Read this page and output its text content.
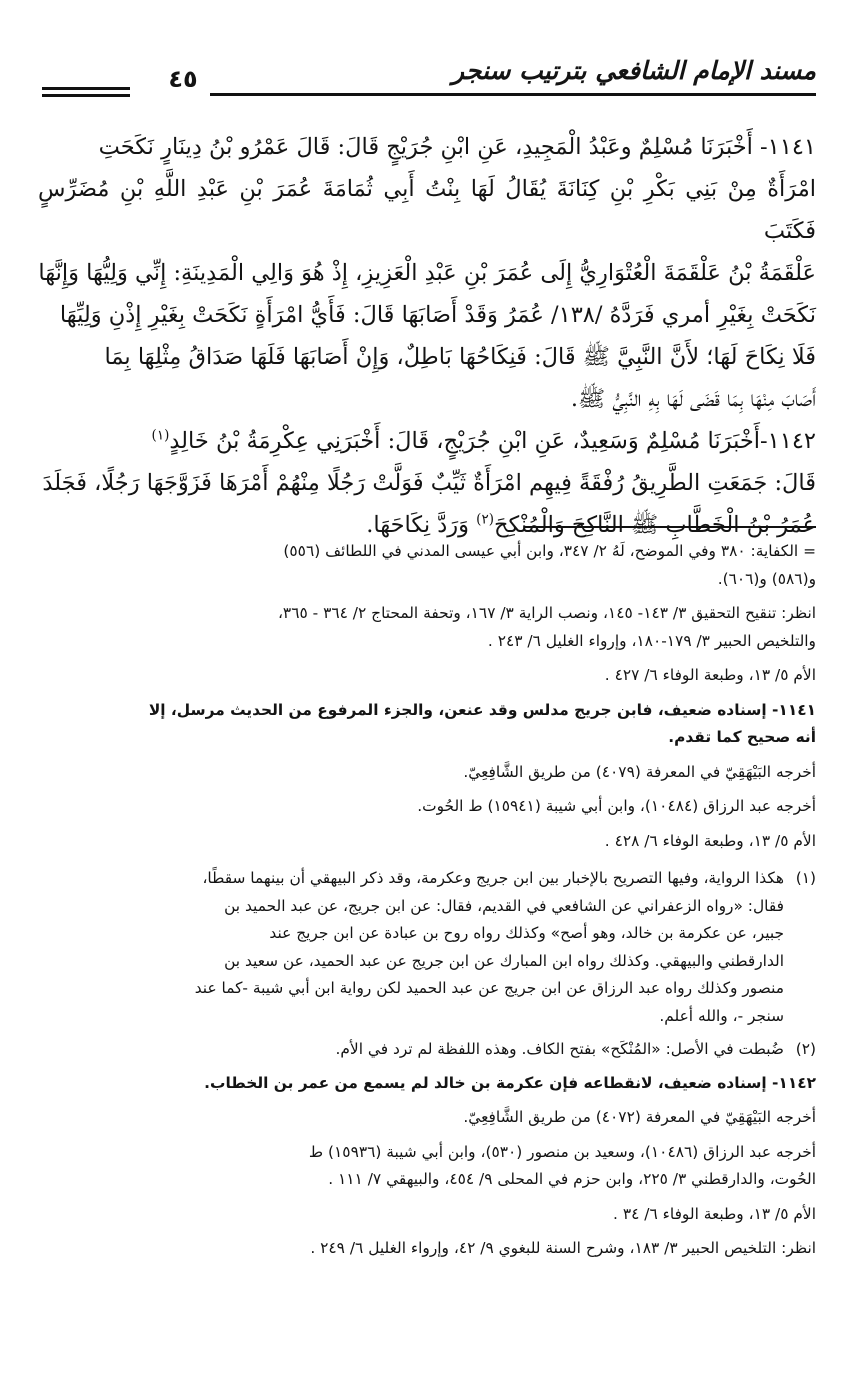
مسند الإمام الشافعي بترتيب سنجر
٤٥

١١٤١- أَخْبَرَنَا مُسْلِمٌ وعَبْدُ الْمَجِيدِ، عَنِ ابْنِ جُرَيْجٍ قَالَ: قَالَ عَمْرُو بْنُ دِينَارٍ نَكَحَتِ

امْرَأَةٌ مِنْ بَنِي بَكْرِ بْنِ كِنَانَةَ يُقَالُ لَهَا بِنْتُ أَبِي ثُمَامَةَ عُمَرَ بْنِ عَبْدِ اللَّهِ بْنِ مُضَرِّسٍ فَكَتَبَ

عَلْقَمَةُ بْنُ عَلْقَمَةَ الْعُتْوَارِيُّ إِلَى عُمَرَ بْنِ عَبْدِ الْعَزِيزِ، إِذْ هُوَ وَالِي الْمَدِينَةِ: إِنِّي وَلِيُّهَا وَإِنَّهَا

نَكَحَتْ بِغَيْرِ أمري فَرَدَّهُ /١٣٨/ عُمَرُ وَقَدْ أَصَابَهَا قَالَ: فَأَيُّ امْرَأَةٍ نَكَحَتْ بِغَيْرِ إِذْنِ وَلِيِّهَا

فَلَا نِكَاحَ لَهَا؛ لأَنَّ النَّبِيَّ ﷺ قَالَ: فَنِكَاحُهَا بَاطِلٌ، وَإِنْ أَصَابَهَا فَلَهَا صَدَاقُ مِثْلِهَا بِمَا

أَصَابَ مِنْهَا بِمَا قَضَى لَهَا بِهِ النَّبِيُّ ﷺ.

١١٤٢-أَخْبَرَنَا مُسْلِمٌ وَسَعِيدٌ، عَنِ ابْنِ جُرَيْجٍ، قَالَ: أَخْبَرَنِي عِكْرِمَةُ بْنُ خَالِدٍ$^{(١)}$

قَالَ: جَمَعَتِ الطَّرِيقُ رُفْقَةً فِيهِم امْرَأَةٌ ثَيِّبٌ فَوَلَّتْ رَجُلًا مِنْهُمْ أَمْرَهَا فَزَوَّجَهَا رَجُلًا، فَجَلَدَ

عُمَرُ بْنُ الْخَطَّابِ ﷺ النَّاكِحَ وَالْمُنْكِحَ$^{(٢)}$ وَرَدَّ نِكَاحَهَا.

= الكفاية: ٣٨٠ وفي الموضح، لَهُ ٢/ ٣٤٧، وابن أبي عيسى المدني في اللطائف (٥٥٦)

و(٥٨٦) و(٦٠٦).

انظر: تنقيح التحقيق ٣/ ١٤٣- ١٤٥، ونصب الراية ٣/ ١٦٧، وتحفة المحتاج ٢/ ٣٦٤ - ٣٦٥،

والتلخيص الحبير ٣/ ١٧٩-١٨٠، وإرواء الغليل ٦/ ٢٤٣ .

الأم ٥/ ١٣، وطبعة الوفاء ٦/ ٤٢٧ .

١١٤١- إسناده ضعيف، فابن جريج مدلس وقد عنعن، والجزء المرفوع من الحديث مرسل، إلا

أنه صحيح كما تقدم.

أخرجه البَيْهَقِيّ في المعرفة (٤٠٧٩) من طريق الشَّافِعِيّ.

أخرجه عبد الرزاق (١٠٤٨٤)، وابن أبي شيبة (١٥٩٤١) ط الحُوت.

الأم ٥/ ١٣، وطبعة الوفاء ٦/ ٤٢٨ .

(١)هكذا الرواية، وفيها التصريح بالإخبار بين ابن جريج وعكرمة، وقد ذكر البيهقي أن بينهما سقطًا،

فقال: «رواه الزعفراني عن الشافعي في القديم، فقال: عن ابن جريج، عن عبد الحميد بن

جبير، عن عكرمة بن خالد، وهو أصح» وكذلك رواه روح بن عبادة عن ابن جريج عند

الدارقطني والبيهقي. وكذلك رواه ابن المبارك عن ابن جريج عن عبد الحميد، عن سعيد بن

منصور وكذلك رواه عبد الرزاق عن ابن جريج عن عبد الحميد لكن رواية ابن أبي شيبة -كما عند

سنجر -، والله أعلم.

(٢)ضُبطت في الأصل: «المُنْكَح» بفتح الكاف. وهذه اللفظة لم ترد في الأم.

١١٤٢- إسناده ضعيف، لانقطاعه فإن عكرمة بن خالد لم يسمع من عمر بن الخطاب.

أخرجه البَيْهَقِيّ في المعرفة (٤٠٧٢) من طريق الشَّافِعِيّ.

أخرجه عبد الرزاق (١٠٤٨٦)، وسعيد بن منصور (٥٣٠)، وابن أبي شيبة (١٥٩٣٦) ط

الحُوت، والدارقطني ٣/ ٢٢٥، وابن حزم في المحلى ٩/ ٤٥٤، والبيهقي ٧/ ١١١ .

الأم ٥/ ١٣، وطبعة الوفاء ٦/ ٣٤ .

انظر: التلخيص الحبير ٣/ ١٨٣، وشرح السنة للبغوي ٩/ ٤٢، وإرواء الغليل ٦/ ٢٤٩ .
